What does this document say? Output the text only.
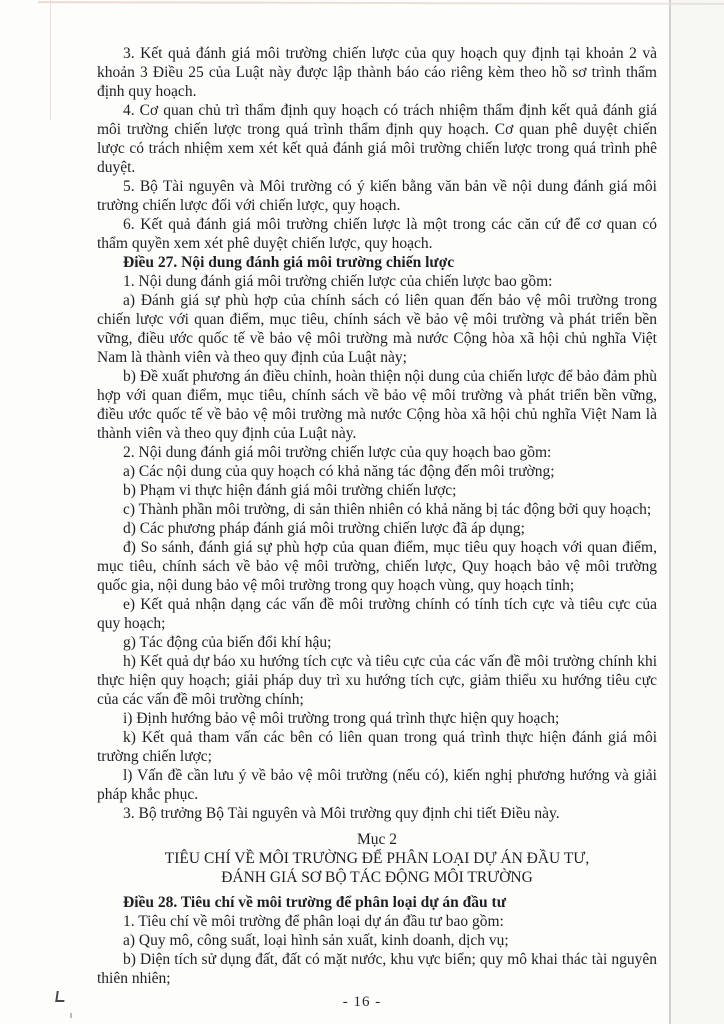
3. Kết quả đánh giá môi trường chiến lược của quy hoạch quy định tại khoản 2 và khoản 3 Điều 25 của Luật này được lập thành báo cáo riêng kèm theo hồ sơ trình thẩm định quy hoạch.
4. Cơ quan chủ trì thẩm định quy hoạch có trách nhiệm thẩm định kết quả đánh giá môi trường chiến lược trong quá trình thẩm định quy hoạch. Cơ quan phê duyệt chiến lược có trách nhiệm xem xét kết quả đánh giá môi trường chiến lược trong quá trình phê duyệt.
5. Bộ Tài nguyên và Môi trường có ý kiến bằng văn bản về nội dung đánh giá môi trường chiến lược đối với chiến lược, quy hoạch.
6. Kết quả đánh giá môi trường chiến lược là một trong các căn cứ để cơ quan có thẩm quyền xem xét phê duyệt chiến lược, quy hoạch.
Điều 27. Nội dung đánh giá môi trường chiến lược
1. Nội dung đánh giá môi trường chiến lược của chiến lược bao gồm:
a) Đánh giá sự phù hợp của chính sách có liên quan đến bảo vệ môi trường trong chiến lược với quan điểm, mục tiêu, chính sách về bảo vệ môi trường và phát triển bền vững, điều ước quốc tế về bảo vệ môi trường mà nước Cộng hòa xã hội chủ nghĩa Việt Nam là thành viên và theo quy định của Luật này;
b) Đề xuất phương án điều chỉnh, hoàn thiện nội dung của chiến lược để bảo đảm phù hợp với quan điểm, mục tiêu, chính sách về bảo vệ môi trường và phát triển bền vững, điều ước quốc tế về bảo vệ môi trường mà nước Cộng hòa xã hội chủ nghĩa Việt Nam là thành viên và theo quy định của Luật này.
2. Nội dung đánh giá môi trường chiến lược của quy hoạch bao gồm:
a) Các nội dung của quy hoạch có khả năng tác động đến môi trường;
b) Phạm vi thực hiện đánh giá môi trường chiến lược;
c) Thành phần môi trường, di sản thiên nhiên có khả năng bị tác động bởi quy hoạch;
d) Các phương pháp đánh giá môi trường chiến lược đã áp dụng;
đ) So sánh, đánh giá sự phù hợp của quan điểm, mục tiêu quy hoạch với quan điểm, mục tiêu, chính sách về bảo vệ môi trường, chiến lược, Quy hoạch bảo vệ môi trường quốc gia, nội dung bảo vệ môi trường trong quy hoạch vùng, quy hoạch tỉnh;
e) Kết quả nhận dạng các vấn đề môi trường chính có tính tích cực và tiêu cực của quy hoạch;
g) Tác động của biến đổi khí hậu;
h) Kết quả dự báo xu hướng tích cực và tiêu cực của các vấn đề môi trường chính khi thực hiện quy hoạch; giải pháp duy trì xu hướng tích cực, giảm thiểu xu hướng tiêu cực của các vấn đề môi trường chính;
i) Định hướng bảo vệ môi trường trong quá trình thực hiện quy hoạch;
k) Kết quả tham vấn các bên có liên quan trong quá trình thực hiện đánh giá môi trường chiến lược;
l) Vấn đề cần lưu ý về bảo vệ môi trường (nếu có), kiến nghị phương hướng và giải pháp khắc phục.
3. Bộ trưởng Bộ Tài nguyên và Môi trường quy định chi tiết Điều này.
Mục 2
TIÊU CHÍ VỀ MÔI TRƯỜNG ĐỂ PHÂN LOẠI DỰ ÁN ĐẦU TƯ,
ĐÁNH GIÁ SƠ BỘ TÁC ĐỘNG MÔI TRƯỜNG
Điều 28. Tiêu chí về môi trường để phân loại dự án đầu tư
1. Tiêu chí về môi trường để phân loại dự án đầu tư bao gồm:
a) Quy mô, công suất, loại hình sản xuất, kinh doanh, dịch vụ;
b) Diện tích sử dụng đất, đất có mặt nước, khu vực biển; quy mô khai thác tài nguyên thiên nhiên;
- 16 -
